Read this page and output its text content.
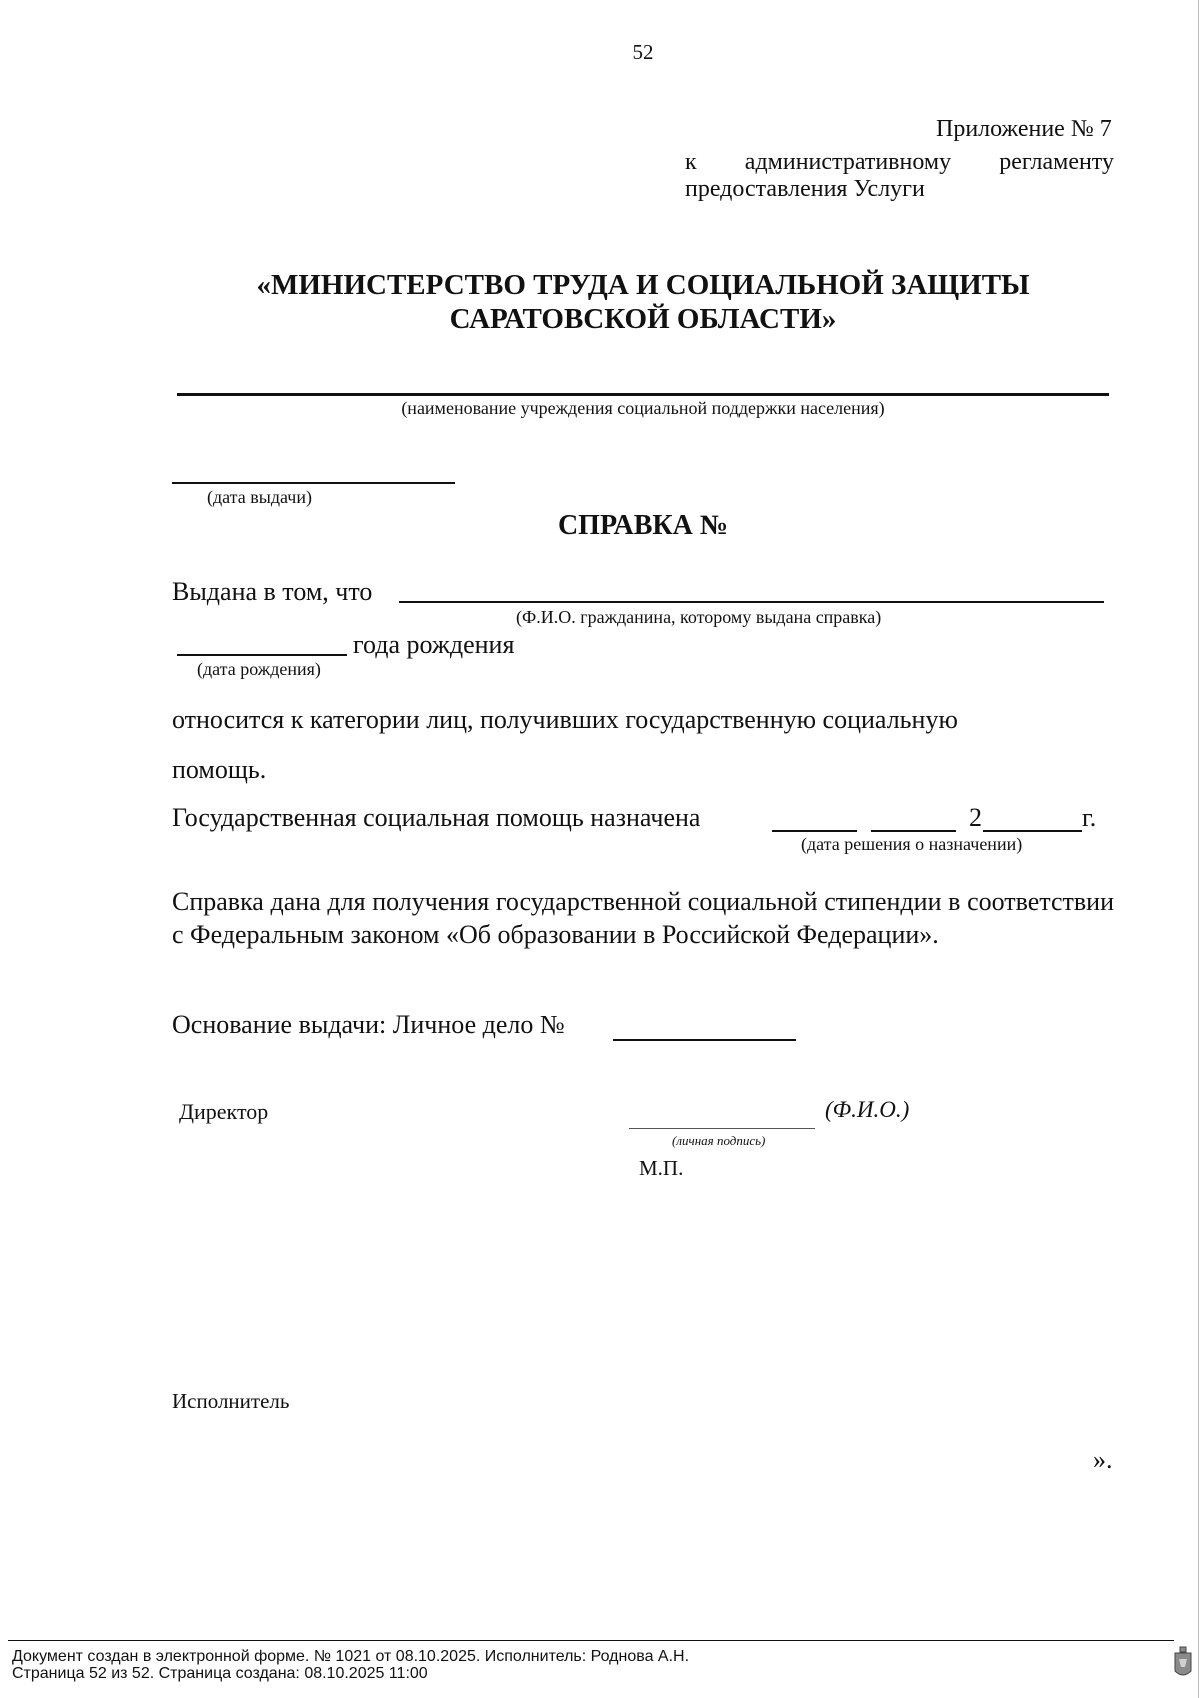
52
Приложение № 7
к административному регламенту
предоставления Услуги
«МИНИСТЕРСТВО ТРУДА И СОЦИАЛЬНОЙ ЗАЩИТЫ
САРАТОВСКОЙ ОБЛАСТИ»
(наименование учреждения социальной поддержки населения)
(дата выдачи)
СПРАВКА №
Выдана в том, что
(Ф.И.О. гражданина, которому выдана справка)
года рождения
(дата рождения)
относится к категории лиц, получивших государственную социальную
помощь.
Государственная социальная помощь назначена	2	г.
(дата решения о назначении)
Справка дана для получения государственной социальной стипендии в соответствии с Федеральным законом «Об образовании в Российской Федерации».
Основание выдачи: Личное дело №
Директор	(Ф.И.О.)
(личная подпись)
М.П.
Исполнитель
».
Документ создан в электронной форме. № 1021 от 08.10.2025. Исполнитель: Роднова А.Н.
Страница 52 из 52. Страница создана: 08.10.2025 11:00
